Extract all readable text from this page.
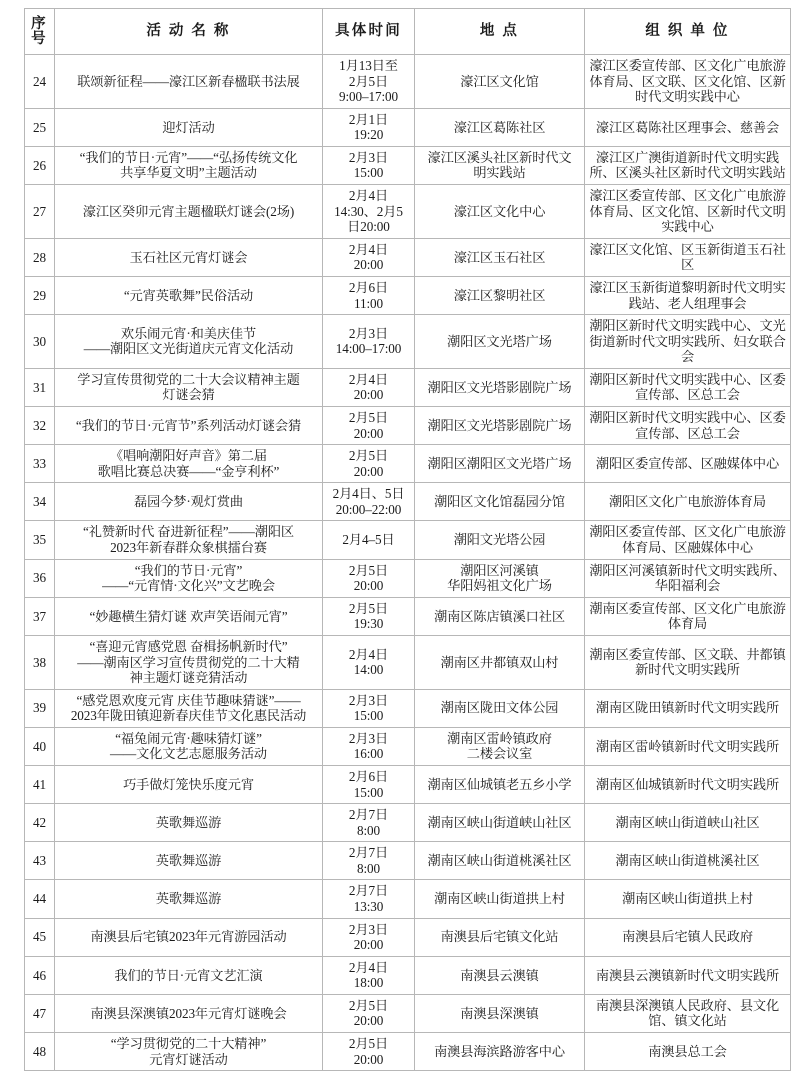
序
号	活 动 名 称	具体时间	地 点	组 织 单 位
24	联颂新征程——濠江区新春楹联书法展	1月13日至
2月5日
9:00–17:00	濠江区文化馆	濠江区委宣传部、区文化广电旅游体育局、区文联、区文化馆、区新时代文明实践中心
25	迎灯活动	2月1日
19:20	濠江区葛陈社区	濠江区葛陈社区理事会、慈善会
26	“我们的节日·元宵”——“弘扬传统文化
共享华夏文明”主题活动	2月3日
15:00	濠江区溪头社区新时代文
明实践站	濠江区广澳街道新时代文明实践所、区溪头社区新时代文明实践站
27	濠江区癸卯元宵主题楹联灯谜会(2场)	2月4日
14:30、2月5
日20:00	濠江区文化中心	濠江区委宣传部、区文化广电旅游体育局、区文化馆、区新时代文明实践中心
28	玉石社区元宵灯谜会	2月4日
20:00	濠江区玉石社区	濠江区文化馆、区玉新街道玉石社区
29	“元宵英歌舞”民俗活动	2月6日
11:00	濠江区黎明社区	濠江区玉新街道黎明新时代文明实践站、老人组理事会
30	欢乐闹元宵·和美庆佳节
——潮阳区文光街道庆元宵文化活动	2月3日
14:00–17:00	潮阳区文光塔广场	潮阳区新时代文明实践中心、文光街道新时代文明实践所、妇女联合会
31	学习宣传贯彻党的二十大会议精神主题
灯谜会猜	2月4日
20:00	潮阳区文光塔影剧院广场	潮阳区新时代文明实践中心、区委宣传部、区总工会
32	“我们的节日·元宵节”系列活动灯谜会猜	2月5日
20:00	潮阳区文光塔影剧院广场	潮阳区新时代文明实践中心、区委宣传部、区总工会
33	《唱响潮阳好声音》第二届
歌唱比赛总决赛——“金亨利杯”	2月5日
20:00	潮阳区潮阳区文光塔广场	潮阳区委宣传部、区融媒体中心
34	磊园今梦·观灯赏曲	2月4日、5日
20:00–22:00	潮阳区文化馆磊园分馆	潮阳区文化广电旅游体育局
35	“礼赞新时代 奋进新征程”——潮阳区
2023年新春群众象棋擂台赛	2月4–5日	潮阳文光塔公园	潮阳区委宣传部、区文化广电旅游体育局、区融媒体中心
36	“我们的节日·元宵”
——“元宵情·文化兴”文艺晚会	2月5日
20:00	潮阳区河溪镇
华阳妈祖文化广场	潮阳区河溪镇新时代文明实践所、华阳福利会
37	“妙趣横生猜灯谜 欢声笑语闹元宵”	2月5日
19:30	潮南区陈店镇溪口社区	潮南区委宣传部、区文化广电旅游体育局
38	“喜迎元宵感党恩 奋楫扬帆新时代”
——潮南区学习宣传贯彻党的二十大精
神主题灯谜竞猜活动	2月4日
14:00	潮南区井都镇双山村	潮南区委宣传部、区文联、井都镇新时代文明实践所
39	“感党恩欢度元宵 庆佳节趣味猜谜”——
2023年陇田镇迎新春庆佳节文化惠民活动	2月3日
15:00	潮南区陇田文体公园	潮南区陇田镇新时代文明实践所
40	“福兔闹元宵·趣味猜灯谜”
——文化文艺志愿服务活动	2月3日
16:00	潮南区雷岭镇政府
二楼会议室	潮南区雷岭镇新时代文明实践所
41	巧手做灯笼快乐度元宵	2月6日
15:00	潮南区仙城镇老五乡小学	潮南区仙城镇新时代文明实践所
42	英歌舞巡游	2月7日
8:00	潮南区峡山街道峡山社区	潮南区峡山街道峡山社区
43	英歌舞巡游	2月7日
8:00	潮南区峡山街道桃溪社区	潮南区峡山街道桃溪社区
44	英歌舞巡游	2月7日
13:30	潮南区峡山街道拱上村	潮南区峡山街道拱上村
45	南澳县后宅镇2023年元宵游园活动	2月3日
20:00	南澳县后宅镇文化站	南澳县后宅镇人民政府
46	我们的节日·元宵文艺汇演	2月4日
18:00	南澳县云澳镇	南澳县云澳镇新时代文明实践所
47	南澳县深澳镇2023年元宵灯谜晚会	2月5日
20:00	南澳县深澳镇	南澳县深澳镇人民政府、县文化馆、镇文化站
48	“学习贯彻党的二十大精神”
元宵灯谜活动	2月5日
20:00	南澳县海滨路游客中心	南澳县总工会
